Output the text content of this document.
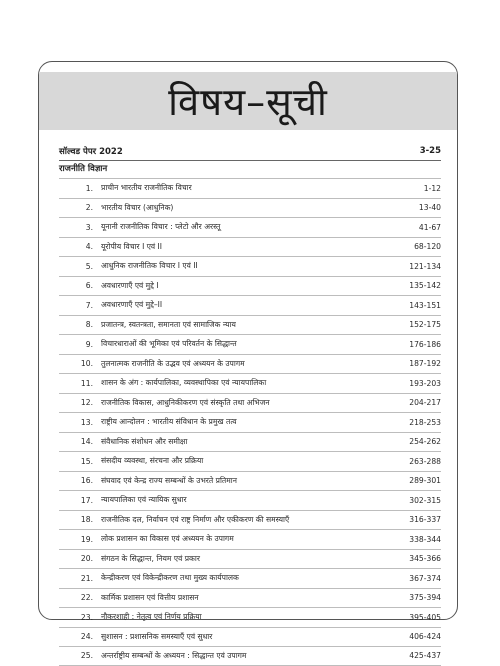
विषय–सूची
सॉल्वड पेपर 2022	3-25
राजनीति विज्ञान
1.	प्राचीन भारतीय राजनीतिक विचार	1-12
2.	भारतीय विचार (आधुनिक)	13-40
3.	यूनानी राजनीतिक विचार : प्लेटो और अरस्तू	41-67
4.	यूरोपीय विचार I एवं II	68-120
5.	आधुनिक राजनीतिक विचार I एवं II	121-134
6.	अवधारणाएँ एवं मुद्दे I	135-142
7.	अवधारणाएँ एवं मुद्दे–II	143-151
8.	प्रजातन्त्र, स्वतन्त्रता, समानता एवं सामाजिक न्याय	152-175
9.	विचारधाराओं की भूमिका एवं परिवर्तन के सिद्धान्त	176-186
10.	तुलनात्मक राजनीति के उद्भव एवं अध्ययन के उपागम	187-192
11.	शासन के अंग : कार्यपालिका, व्यवस्थापिका एवं न्यायपालिका	193-203
12.	राजनीतिक विकास, आधुनिकीकरण एवं संस्कृति तथा अभिजन	204-217
13.	राष्ट्रीय आन्दोलन : भारतीय संविधान के प्रमुख तत्व	218-253
14.	संवैधानिक संशोधन और समीक्षा	254-262
15.	संसदीय व्यवस्था, संरचना और प्रक्रिया	263-288
16.	संघवाद एवं केन्द्र राज्य सम्बन्धों के उभरते प्रतिमान	289-301
17.	न्यायपालिका एवं न्यायिक सुधार	302-315
18.	राजनीतिक दल, निर्वाचन एवं राष्ट्र निर्माण और एकीकरण की समस्याएँ	316-337
19.	लोक प्रशासन का विकास एवं अध्ययन के उपागम	338-344
20.	संगठन के सिद्धान्त, नियम एवं प्रकार	345-366
21.	केन्द्रीकरण एवं विकेन्द्रीकरण तथा मुख्य कार्यपालक	367-374
22.	कार्मिक प्रशासन एवं वित्तीय प्रशासन	375-394
23.	नौकरशाही : नेतृत्व एवं निर्णय प्रक्रिया	395-405
24.	सुशासन : प्रशासनिक समस्याएँ एवं सुधार	406-424
25.	अन्तर्राष्ट्रीय सम्बन्धों के अध्ययन : सिद्धान्त एवं उपागम	425-437
